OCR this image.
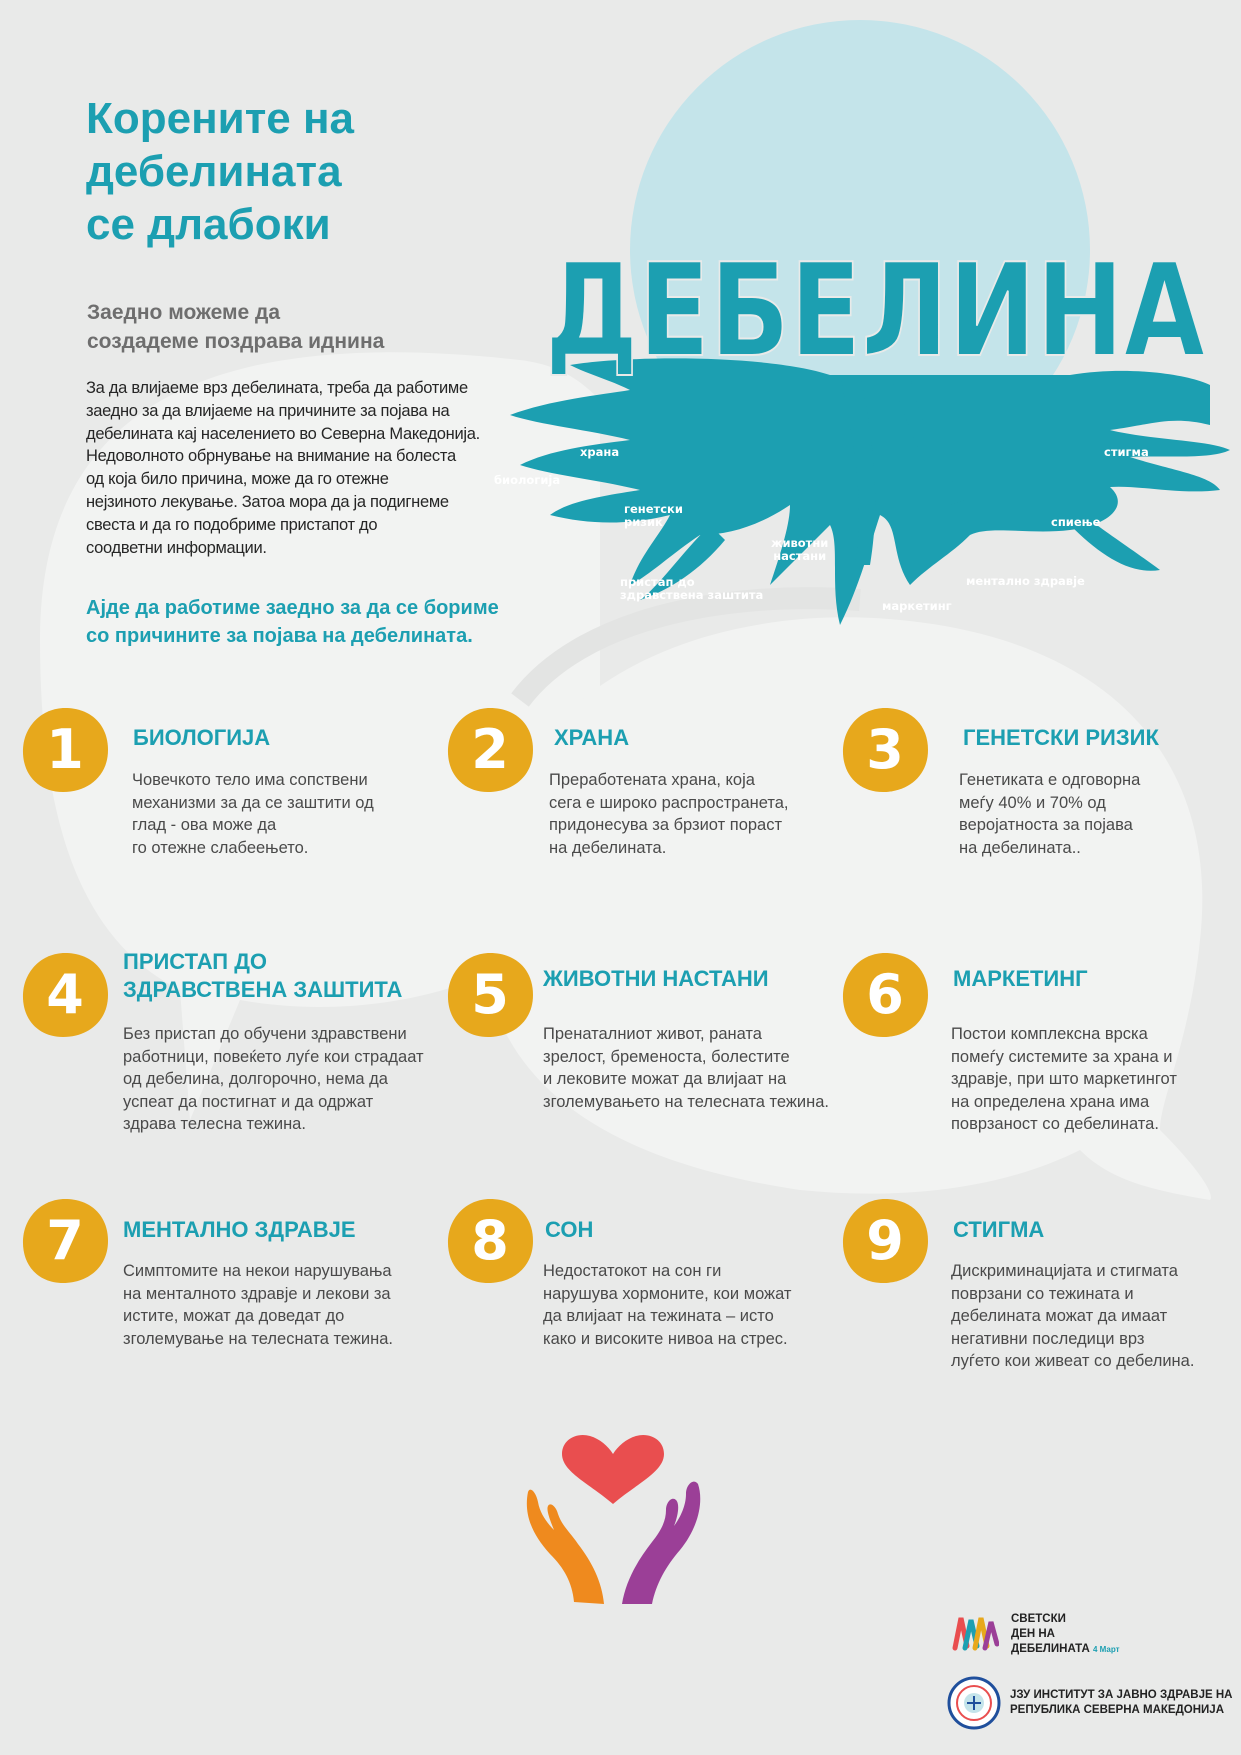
Корените на
дебелината
се длабоки
Заедно можеме да
создадеме поздрава иднина
За да влијаеме врз дебелината, треба да работиме
заедно за да влијаеме на причините за појава на
дебелината кај населението во Северна Македонија.
Недоволното обрнување на внимание на болеста
од која било причина, може да го отежне
нејзиното лекување. Затоа мора да ја подигнеме
свеста и да го подобриме пристапот до
соодветни информации.
Ајде да работиме заедно за да се бориме
со причините за појава на дебелината.
ДЕБЕЛИНА
храна
биологија
генетски
ризик
животни
настани
пристап до
здравствена заштита
маркетинг
ментално здравје
спиење
стигма
1	БИОЛОГИЈА
Човечкото тело има сопствени
механизми за да се заштити од
глад - ова може да
го отежне слабеењето.
2	ХРАНА
Преработената храна, која
сега е широко распространета,
придонесува за брзиот пораст
на дебелината.
3	ГЕНЕТСКИ РИЗИК
Генетиката е одговорна
меѓу 40% и 70% од
веројатноста за појава
на дебелината..
4
ПРИСТАП ДО
ЗДРАВСТВЕНА ЗАШТИТА
Без пристап до обучени здравствени
работници, повеќето луѓе кои страдаат
од дебелина, долгорочно, нема да
успеат да постигнат и да одржат
здрава телесна тежина.
5	ЖИВОТНИ НАСТАНИ
Пренаталниот живот, раната
зрелост, бременоста, болестите
и лековите можат да влијаат на
зголемувањето на телесната тежина.
6	МАРКЕТИНГ
Постои комплексна врска
помеѓу системите за храна и
здравје, при што маркетингот
на определена храна има
поврзаност со дебелината.
7	МЕНТАЛНО ЗДРАВЈЕ
Симптомите на некои нарушувања
на менталното здравје и лекови за
истите, можат да доведат до
зголемување на телесната тежина.
8	СОН
Недостатокот на сон ги
нарушува хормоните, кои можат
да влијаат на тежината – исто
како и високите нивоа на стрес.
9	СТИГМА
Дискриминацијата и стигмата
поврзани со тежината и
дебелината можат да имаат
негативни последици врз
луѓето кои живеат со дебелина.
СВЕТСКИ
ДЕН НА
ДЕБЕЛИНАТА 4 Март
ЈЗУ ИНСТИТУТ ЗА ЈАВНО ЗДРАВЈЕ НА
РЕПУБЛИКА СЕВЕРНА МАКЕДОНИЈА
